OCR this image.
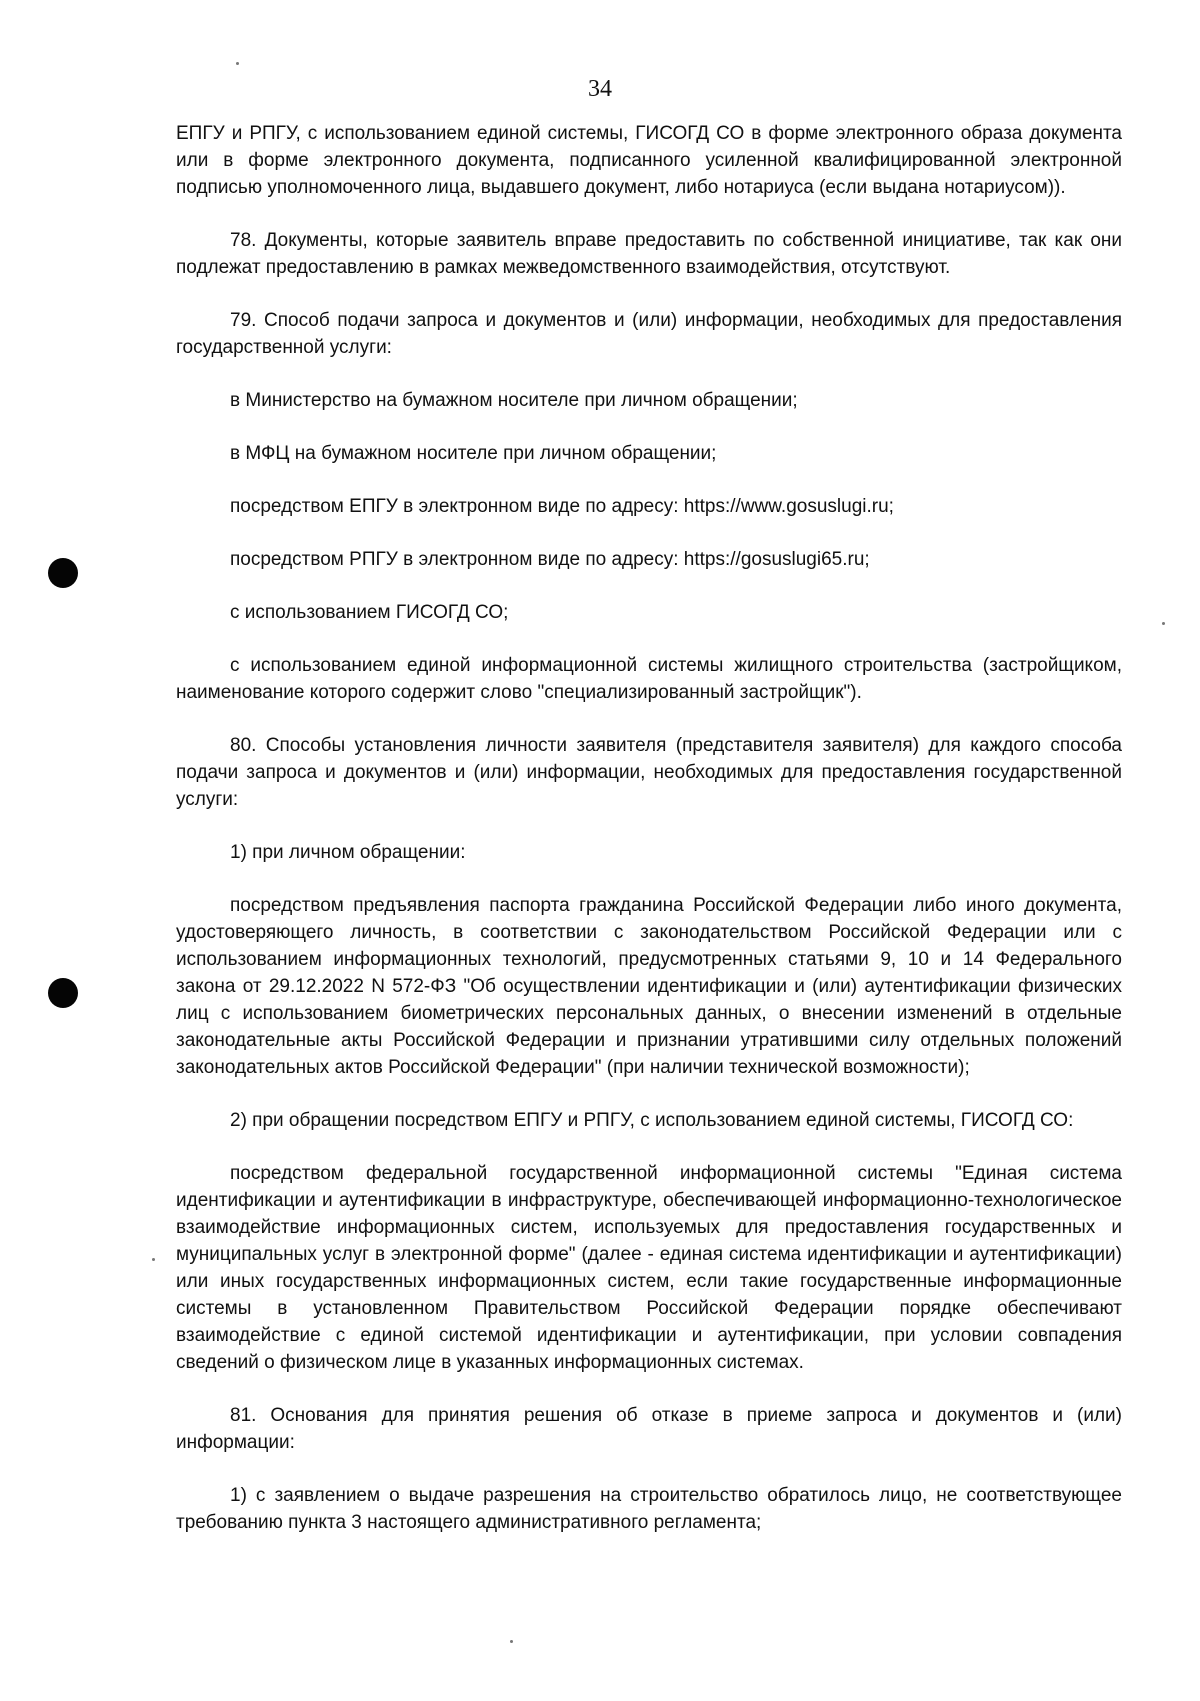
34

ЕПГУ и РПГУ, с использованием единой системы, ГИСОГД СО в форме электронного образа документа или в форме электронного документа, подписанного усиленной квалифицированной электронной подписью уполномоченного лица, выдавшего документ, либо нотариуса (если выдана нотариусом)).

78. Документы, которые заявитель вправе предоставить по собственной инициативе, так как они подлежат предоставлению в рамках межведомственного взаимодействия, отсутствуют.

79. Способ подачи запроса и документов и (или) информации, необходимых для предоставления государственной услуги:

в Министерство на бумажном носителе при личном обращении;

в МФЦ на бумажном носителе при личном обращении;

посредством ЕПГУ в электронном виде по адресу: https://www.gosuslugi.ru;

посредством РПГУ в электронном виде по адресу: https://gosuslugi65.ru;

с использованием ГИСОГД СО;

с использованием единой информационной системы жилищного строительства (застройщиком, наименование которого содержит слово "специализированный застройщик").

80. Способы установления личности заявителя (представителя заявителя) для каждого способа подачи запроса и документов и (или) информации, необходимых для предоставления государственной услуги:

1) при личном обращении:

посредством предъявления паспорта гражданина Российской Федерации либо иного документа, удостоверяющего личность, в соответствии с законодательством Российской Федерации или с использованием информационных технологий, предусмотренных статьями 9, 10 и 14 Федерального закона от 29.12.2022 N 572-ФЗ "Об осуществлении идентификации и (или) аутентификации физических лиц с использованием биометрических персональных данных, о внесении изменений в отдельные законодательные акты Российской Федерации и признании утратившими силу отдельных положений законодательных актов Российской Федерации" (при наличии технической возможности);

2) при обращении посредством ЕПГУ и РПГУ, с использованием единой системы, ГИСОГД СО:

посредством федеральной государственной информационной системы "Единая система идентификации и аутентификации в инфраструктуре, обеспечивающей информационно-технологическое взаимодействие информационных систем, используемых для предоставления государственных и муниципальных услуг в электронной форме" (далее - единая система идентификации и аутентификации) или иных государственных информационных систем, если такие государственные информационные системы в установленном Правительством Российской Федерации порядке обеспечивают взаимодействие с единой системой идентификации и аутентификации, при условии совпадения сведений о физическом лице в указанных информационных системах.

81. Основания для принятия решения об отказе в приеме запроса и документов и (или) информации:

1) с заявлением о выдаче разрешения на строительство обратилось лицо, не соответствующее требованию пункта 3 настоящего административного регламента;
